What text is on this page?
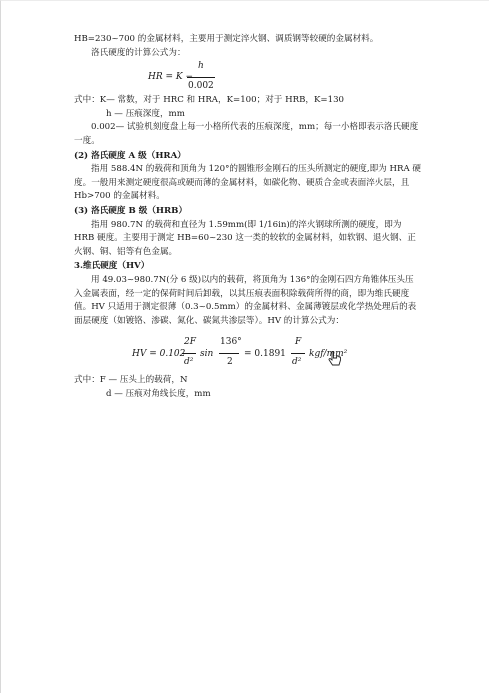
HB=230~700 的金属材料，主要用于测定淬火钢、调质钢等较硬的金属材料。

洛氏硬度的计算公式为：

HR = K −
h
0.002

式中：K— 常数，对于 HRC 和 HRA，K=100；对于 HRB，K=130

h — 压痕深度，mm

0.002— 试验机刻度盘上每一小格所代表的压痕深度，mm；每一小格即表示洛氏硬度一度。

(2) 洛氏硬度 A 级（HRA）

指用 588.4N 的载荷和顶角为 120°的圆锥形金刚石的压头所测定的硬度,即为 HRA 硬度。一般用来测定硬度很高或硬而薄的金属材料，如碳化物、硬质合金或表面淬火层，且 Hb>700 的金属材料。

(3) 洛氏硬度 B 级（HRB）

指用 980.7N 的载荷和直径为 1.59mm(即 1/16in)的淬火钢球所测的硬度，即为 HRB 硬度。主要用于测定 HB=60~230 这一类的较软的金属材料，如软钢、退火钢、正火钢、铜、铝等有色金属。

3.维氏硬度（HV）

用 49.03~980.7N(分 6 级)以内的载荷，将顶角为 136°的金刚石四方角锥体压头压入金属表面，经一定的保荷时间后卸载，以其压痕表面积除载荷所得的商，即为维氏硬度值。HV 只适用于测定很薄（0.3~0.5mm）的金属材料、金属薄镀层或化学热处理后的表面层硬度（如镀铬、渗碳、氮化、碳氮共渗层等）。HV 的计算公式为：

HV = 0.102
2F
d²
sin
136°
2
= 0.1891
F
d²
kgf/mm²

式中：F — 压头上的载荷，N

d — 压痕对角线长度，mm
